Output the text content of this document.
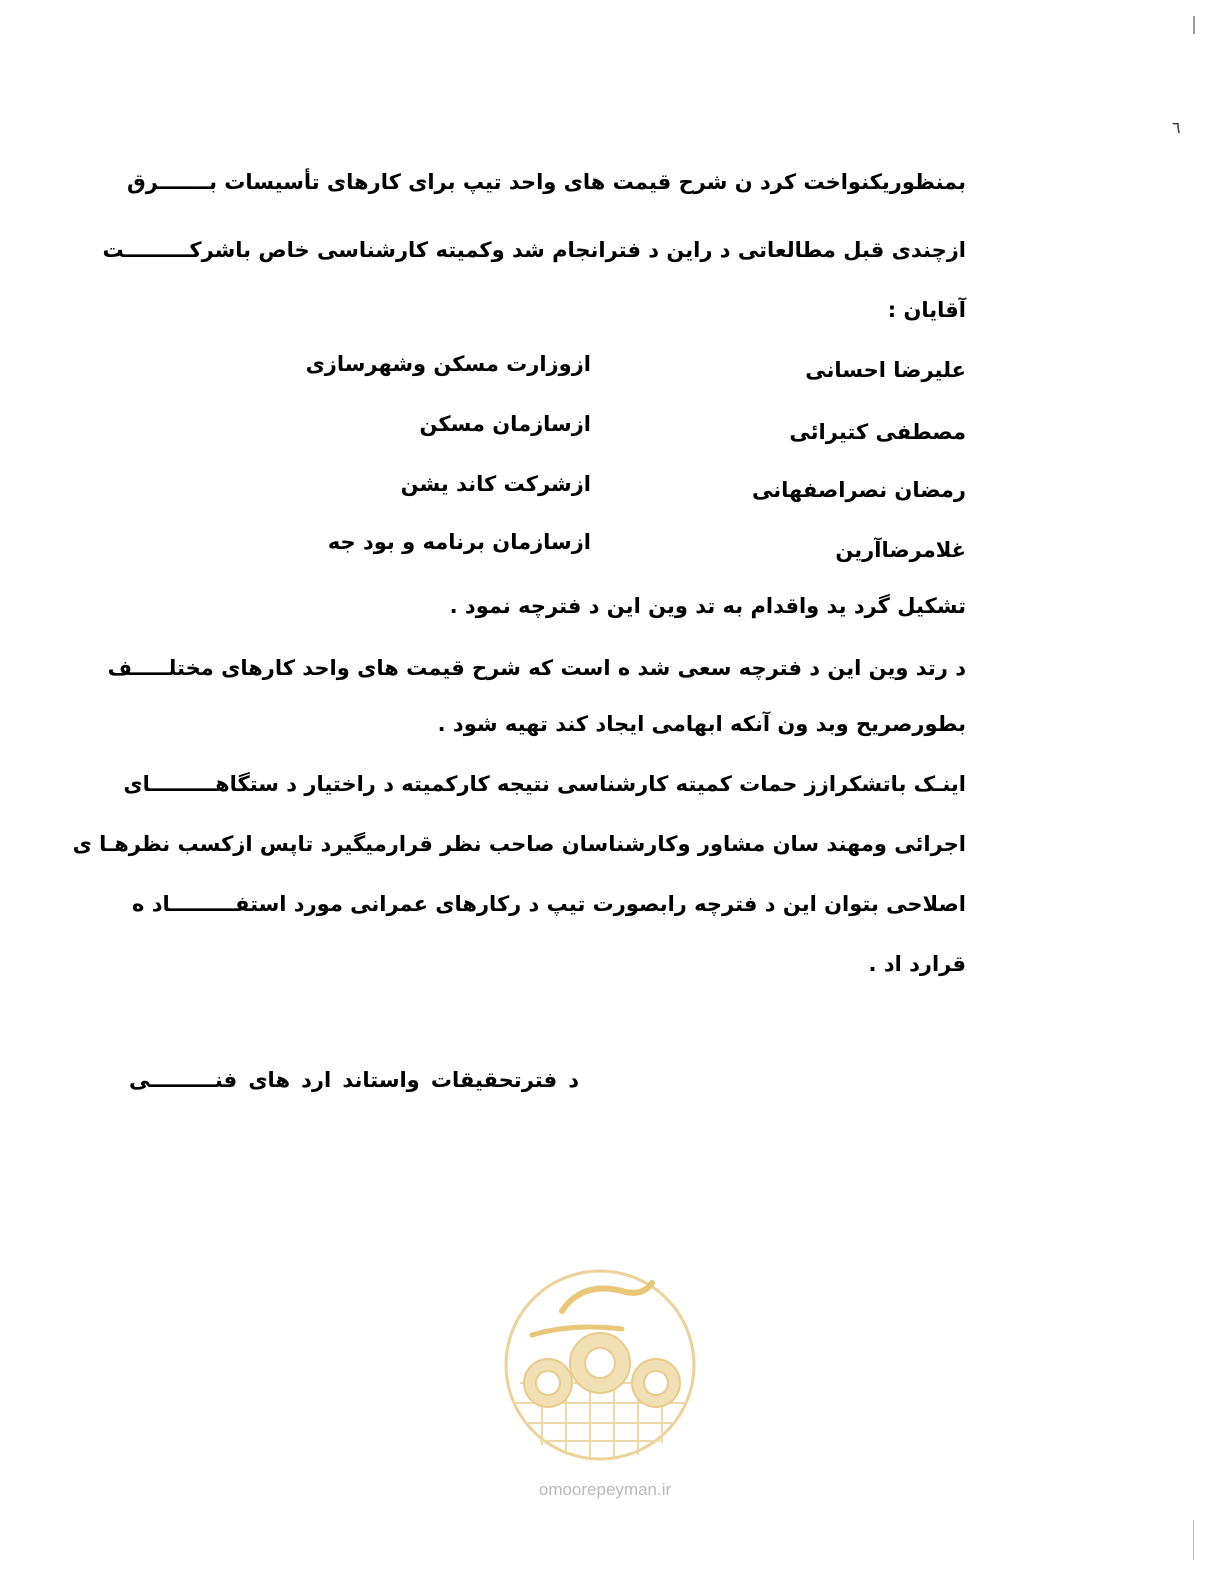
٦
بمنظوریکنواخت کرد ن شرح قیمت های واحد تیپ برای کارهای تأسیسات بـــــــرق
ازچندی قبل مطالعاتی د راین د فترانجام شد وکمیته کارشناسی خاص باشرکـــــــــت
آقایان :
علیرضا احسانی
ازوزارت مسکن وشهرسازی
مصطفی کتیرائی
ازسازمان مسکن
رمضان نصراصفهانی
ازشرکت کاند یشن
غلامرضاآرین
ازسازمان برنامه و بود جه
تشکیل گرد ید واقدام به تد وین این د فترچه نمود .
د رتد وین این د فترچه سعی شد ه است که شرح قیمت های واحد کارهای مختلـــــف
بطورصریح وبد ون آنکه ابهامی ایجاد کند تهیه شود .
اینـک باتشکرازز حمات کمیته کارشناسی نتیجه کارکمیته د راختیار د ستگاهـــــــــای
اجرائی ومهند سان مشاور وکارشناسان صاحب نظر قرارمیگیرد تاپس ازکسب نظرهـا ی
اصلاحی بتوان این د فترچه رابصورت تیپ د رکارهای عمرانی مورد استفـــــــــاد ه
قرارد اد .
د فترتحقیقات واستاند ارد های فنـــــــــی
omoorepeyman.ir
